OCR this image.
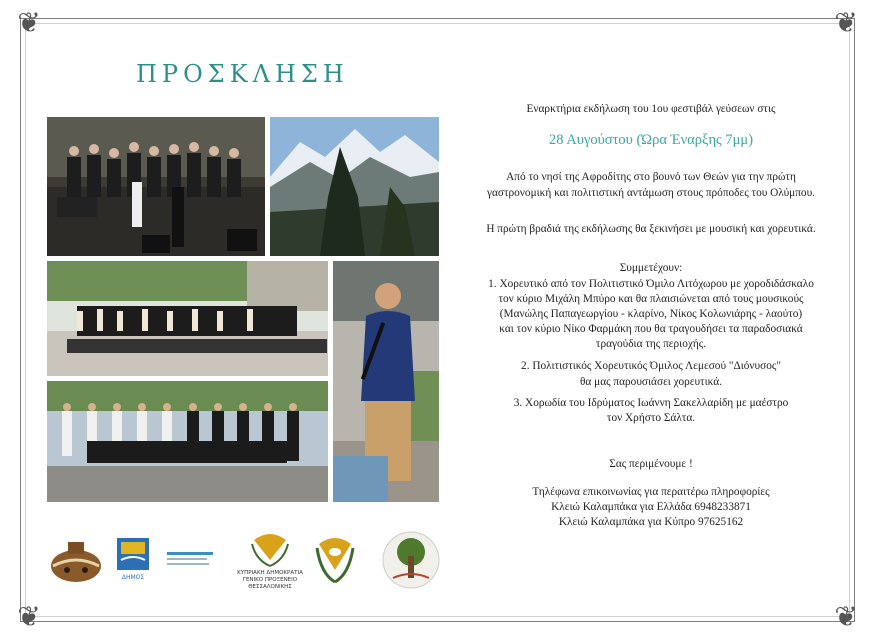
❦	❦
❦	❦
ΠΡΟΣΚΛΗΣΗ
Εναρκτήρια εκδήλωση του 1ου φεστιβάλ γεύσεων στις
28 Αυγούστου (Ώρα Έναρξης 7μμ)
Από το νησί της Αφροδίτης στο βουνό των Θεών για την πρώτη
γαστρονομική και πολιτιστική αντάμωση στους πρόποδες του Ολύμπου.
Η πρώτη βραδιά της εκδήλωσης θα ξεκινήσει με μουσική και χορευτικά.
Συμμετέχουν:
1. Χορευτικό από τον Πολιτιστικό Όμιλο Λιτόχωρου με χοροδιδάσκαλο
τον κύριο Μιχάλη Μπύρο και θα πλαισιώνεται από τους μουσικούς
(Μανώλης Παπαγεωργίου - κλαρίνο, Νίκος Κολωνιάρης - λαούτο)
και τον κύριο Νίκο Φαρμάκη που θα τραγουδήσει τα παραδοσιακά
τραγούδια της περιοχής.
2. Πολιτιστικός Χορευτικός Όμιλος Λεμεσού "Διόνυσος"
θα μας παρουσιάσει χορευτικά.
3. Χορωδία του Ιδρύματος Ιωάννη Σακελλαρίδη με μαέστρο
τον Χρήστο Σάλτα.
Σας περιμένουμε !
Τηλέφωνα επικοινωνίας για περαιτέρω πληροφορίες
Κλειώ Καλαμπάκα για Ελλάδα 6948233871
Κλειώ Καλαμπάκα για Κύπρο 97625162
ΔΗΜΟΣ
ΚΥΠΡΙΑΚΗ ΔΗΜΟΚΡΑΤΙΑ
ΓΕΝΙΚΟ ΠΡΟΞΕΝΕΙΟ ΘΕΣΣΑΛΟΝΙΚΗΣ
